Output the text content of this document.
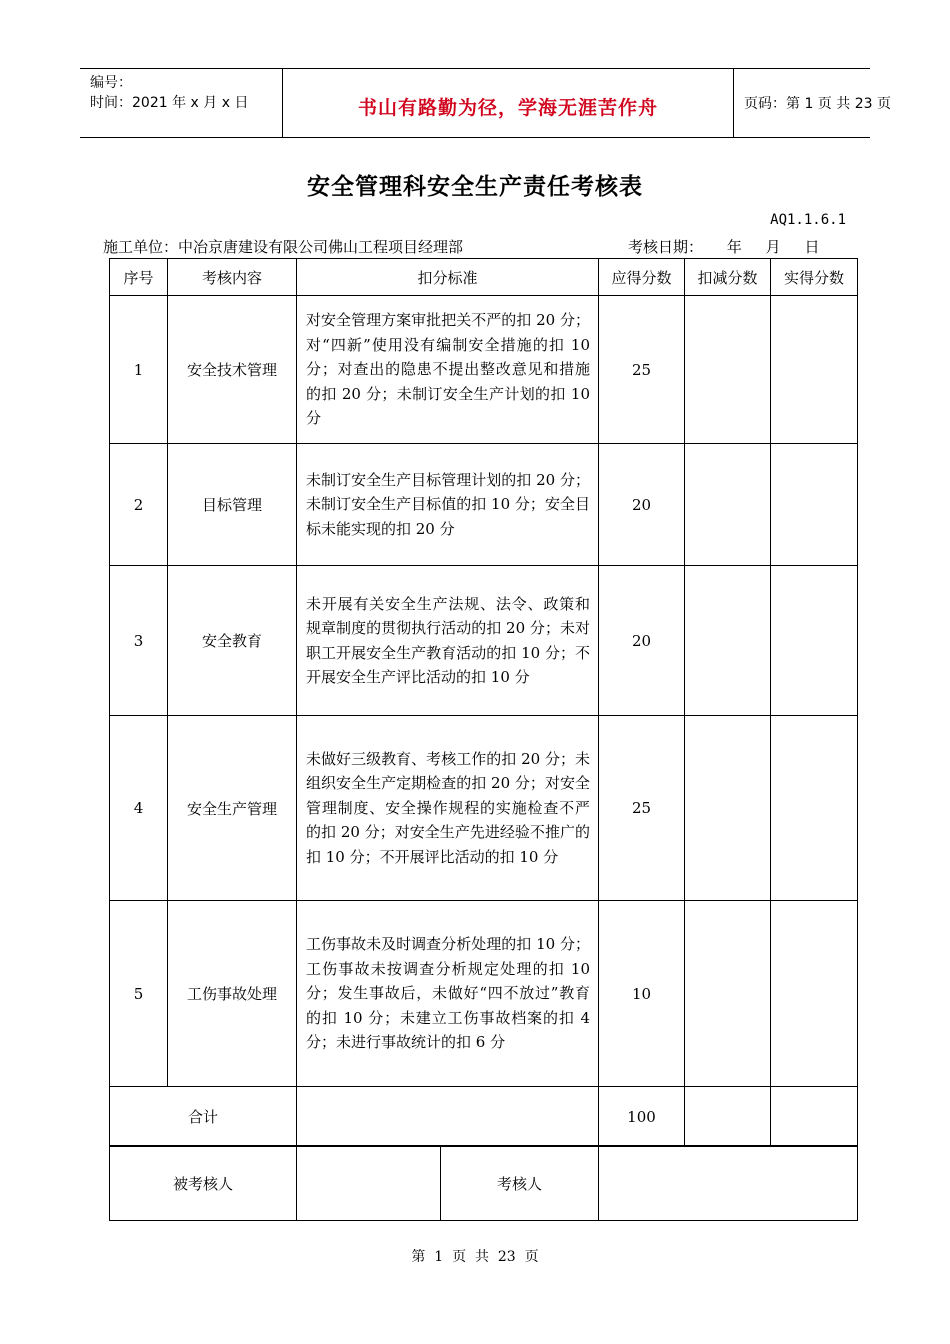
编号：
时间：2021 年 x 月 x 日	书山有路勤为径，学海无涯苦作舟	页码：第 1 页 共 23 页
安全管理科安全生产责任考核表
AQ1.1.6.1
施工单位：中冶京唐建设有限公司佛山工程项目经理部	考核日期：     年     月     日
序号	考核内容	扣分标准	应得分数	扣减分数	实得分数
1	安全技术管理	对安全管理方案审批把关不严的扣 20 分；对“四新”使用没有编制安全措施的扣 10 分；对查出的隐患不提出整改意见和措施的扣 20 分；未制订安全生产计划的扣 10 分	25		
2	目标管理	未制订安全生产目标管理计划的扣 20 分；未制订安全生产目标值的扣 10 分；安全目标未能实现的扣 20 分	20		
3	安全教育	未开展有关安全生产法规、法令、政策和规章制度的贯彻执行活动的扣 20 分；未对职工开展安全生产教育活动的扣 10 分；不开展安全生产评比活动的扣 10 分	20		
4	安全生产管理	未做好三级教育、考核工作的扣 20 分；未组织安全生产定期检查的扣 20 分；对安全管理制度、安全操作规程的实施检查不严的扣 20 分；对安全生产先进经验不推广的扣 10 分；不开展评比活动的扣 10 分	25		
5	工伤事故处理	工伤事故未及时调查分析处理的扣 10 分；工伤事故未按调查分析规定处理的扣 10 分；发生事故后，未做好“四不放过”教育的扣 10 分；未建立工伤事故档案的扣 4 分；未进行事故统计的扣 6 分	10		
合计			100		
被考核人		考核人	
第  1  页  共  23  页
